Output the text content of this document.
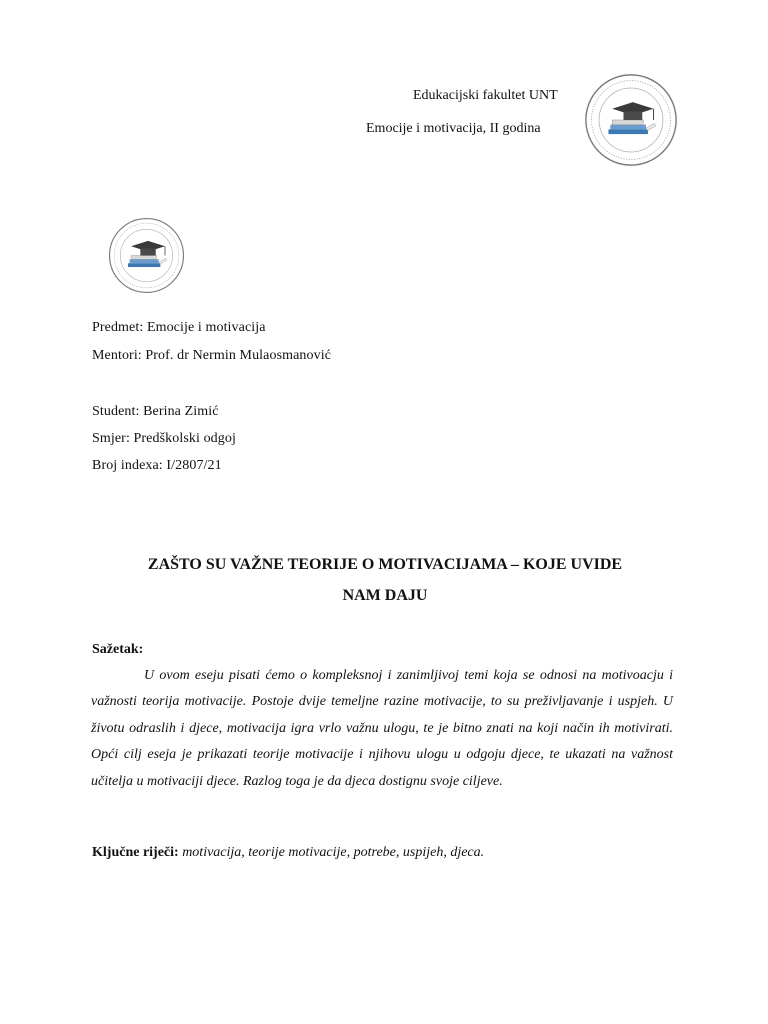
Edukacijski fakultet UNT
Emocije i motivacija, II godina
Predmet: Emocije i motivacija
Mentori: Prof. dr Nermin Mulaosmanović
Student: Berina Zimić
Smjer: Predškolski odgoj
Broj indexa: I/2807/21
ZAŠTO SU VAŽNE TEORIJE O MOTIVACIJAMA – KOJE UVIDE
NAM DAJU
Sažetak:
U ovom eseju pisati ćemo o kompleksnoj i zanimljivoj temi koja se odnosi na motivoacju i važnosti teorija motivacije. Postoje dvije temeljne razine motivacije, to su preživljavanje i uspjeh. U životu odraslih i djece, motivacija igra vrlo važnu ulogu, te je bitno znati na koji način ih motivirati. Opći cilj eseja je prikazati teorije motivacije i njihovu ulogu u odgoju djece, te ukazati na važnost učitelja u motivaciji djece. Razlog toga je da djeca dostignu svoje ciljeve.
Ključne riječi: motivacija, teorije motivacije, potrebe, uspijeh, djeca.
